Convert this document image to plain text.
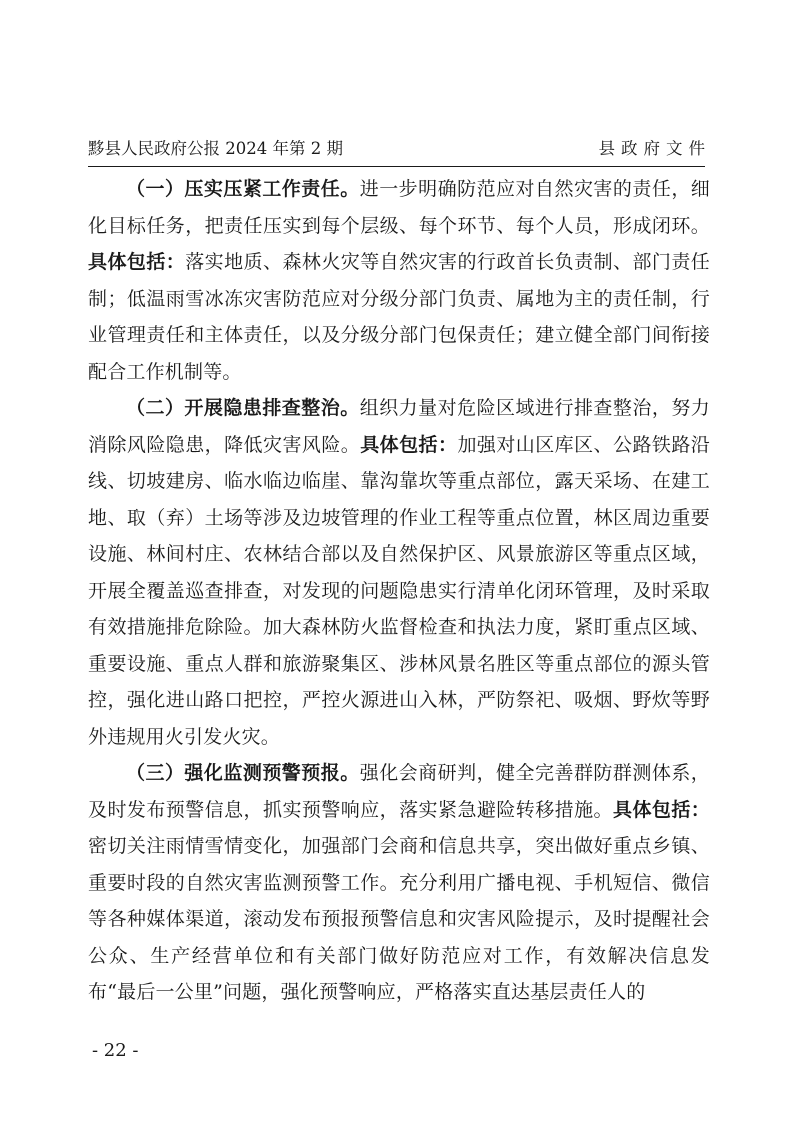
黟县人民政府公报 2024 年第 2 期	县政府文件

（一）压实压紧工作责任。进一步明确防范应对自然灾害的责任，细化目标任务，把责任压实到每个层级、每个环节、每个人员，形成闭环。具体包括：落实地质、森林火灾等自然灾害的行政首长负责制、部门责任制；低温雨雪冰冻灾害防范应对分级分部门负责、属地为主的责任制，行业管理责任和主体责任，以及分级分部门包保责任；建立健全部门间衔接配合工作机制等。

（二）开展隐患排查整治。组织力量对危险区域进行排查整治，努力消除风险隐患，降低灾害风险。具体包括：加强对山区库区、公路铁路沿线、切坡建房、临水临边临崖、靠沟靠坎等重点部位，露天采场、在建工地、取（弃）土场等涉及边坡管理的作业工程等重点位置，林区周边重要设施、林间村庄、农林结合部以及自然保护区、风景旅游区等重点区域，开展全覆盖巡查排查，对发现的问题隐患实行清单化闭环管理，及时采取有效措施排危除险。加大森林防火监督检查和执法力度，紧盯重点区域、重要设施、重点人群和旅游聚集区、涉林风景名胜区等重点部位的源头管控，强化进山路口把控，严控火源进山入林，严防祭祀、吸烟、野炊等野外违规用火引发火灾。

（三）强化监测预警预报。强化会商研判，健全完善群防群测体系，及时发布预警信息，抓实预警响应，落实紧急避险转移措施。具体包括：密切关注雨情雪情变化，加强部门会商和信息共享，突出做好重点乡镇、重要时段的自然灾害监测预警工作。充分利用广播电视、手机短信、微信等各种媒体渠道，滚动发布预报预警信息和灾害风险提示，及时提醒社会公众、生产经营单位和有关部门做好防范应对工作，有效解决信息发布“最后一公里”问题，强化预警响应，严格落实直达基层责任人的

- 22 -
